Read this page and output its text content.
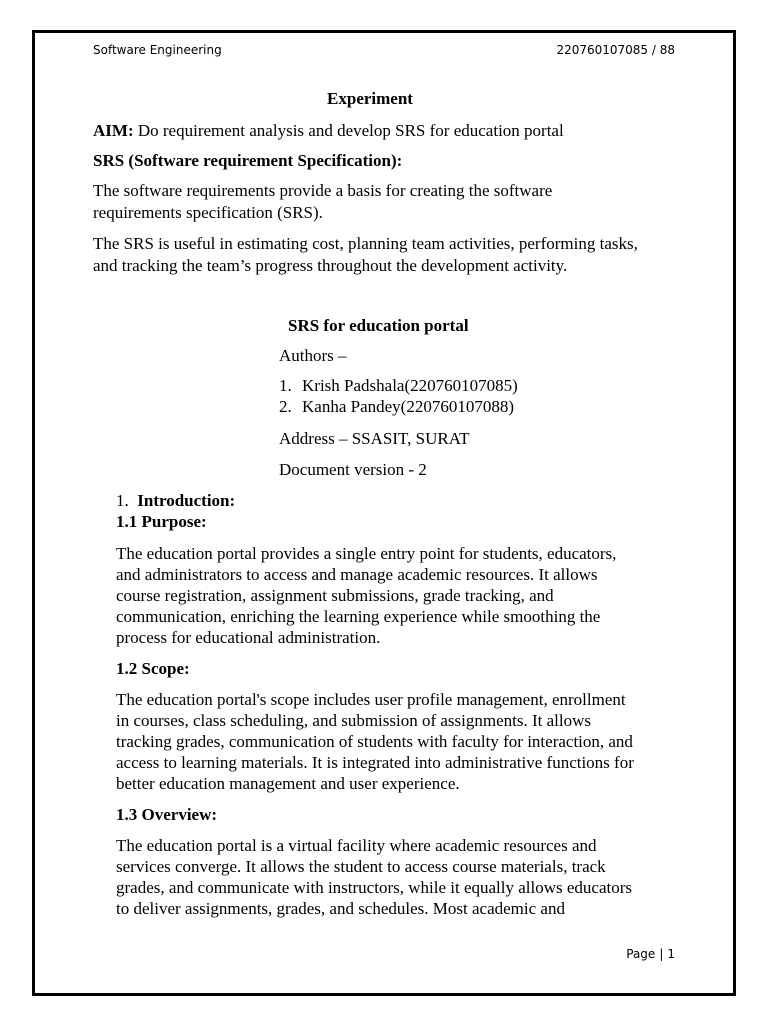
Software Engineering	220760107085 / 88
Experiment
AIM: Do requirement analysis and develop SRS for education portal
SRS (Software requirement Specification):
The software requirements provide a basis for creating the software
requirements specification (SRS).
The SRS is useful in estimating cost, planning team activities, performing tasks,
and tracking the team’s progress throughout the development activity.
SRS for education portal
Authors –
1. Krish Padshala(220760107085)
2. Kanha Pandey(220760107088)
Address – SSASIT, SURAT
Document version - 2
1. Introduction:
1.1 Purpose:
The education portal provides a single entry point for students, educators,
and administrators to access and manage academic resources. It allows
course registration, assignment submissions, grade tracking, and
communication, enriching the learning experience while smoothing the
process for educational administration.
1.2 Scope:
The education portal's scope includes user profile management, enrollment
in courses, class scheduling, and submission of assignments. It allows
tracking grades, communication of students with faculty for interaction, and
access to learning materials. It is integrated into administrative functions for
better education management and user experience.
1.3 Overview:
The education portal is a virtual facility where academic resources and
services converge. It allows the student to access course materials, track
grades, and communicate with instructors, while it equally allows educators
to deliver assignments, grades, and schedules. Most academic and
Page | 1
